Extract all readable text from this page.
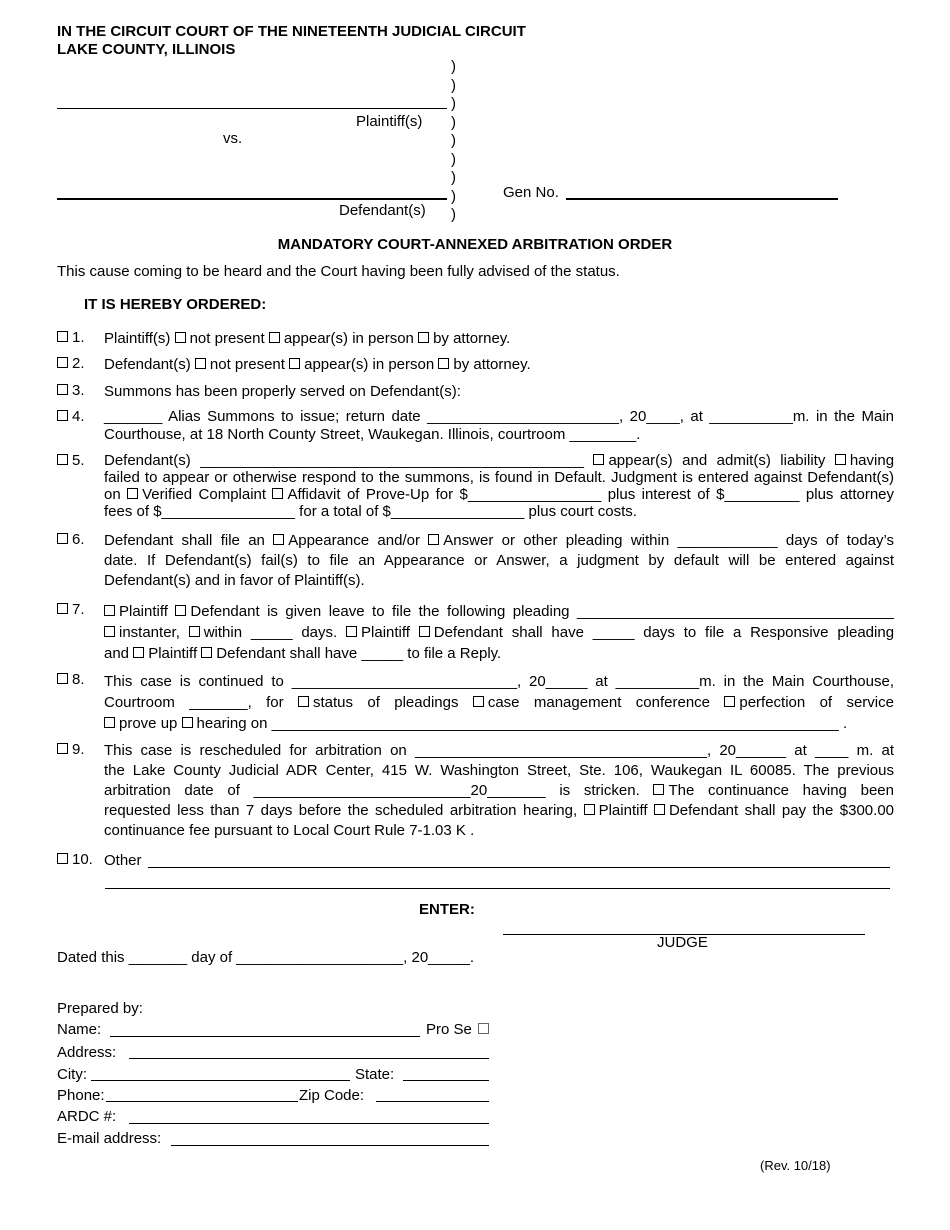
IN THE CIRCUIT COURT OF THE NINETEENTH JUDICIAL CIRCUIT
LAKE COUNTY, ILLINOIS
Plaintiff(s)
vs.
Defendant(s)
)
)
)
)
)
)
)
)
)
Gen No.
MANDATORY COURT-ANNEXED ARBITRATION ORDER
This cause coming to be heard and the Court having been fully advised of the status.
IT IS HEREBY ORDERED:
1. Plaintiff(s) not present appear(s) in person by attorney.
2. Defendant(s) not present appear(s) in person by attorney.
3. Summons has been properly served on Defendant(s):
4. _______ Alias Summons to issue; return date _______________________, 20____, at __________m. in the Main
Courthouse, at 18 North County Street, Waukegan. Illinois, courtroom ________.
5. Defendant(s) ______________________________________________ appear(s) and admit(s) liability having
failed to appear or otherwise respond to the summons, is found in Default. Judgment is entered against Defendant(s)
on Verified Complaint Affidavit of Prove-Up for $________________ plus interest of $_________ plus attorney
fees of $________________ for a total of $________________ plus court costs.
6. Defendant shall file an Appearance and/or Answer or other pleading within ____________ days of today’s
date. If Defendant(s) fail(s) to file an Appearance or Answer, a judgment by default will be entered against
Defendant(s) and in favor of Plaintiff(s).
7.	Plaintiff Defendant is given leave to file the following pleading ______________________________________
instanter, within _____ days. Plaintiff Defendant shall have _____ days to file a Responsive pleading
and Plaintiff Defendant shall have _____ to file a Reply.
8. This case is continued to ___________________________, 20_____ at __________m. in the Main Courthouse,
Courtroom _______, for status of pleadings case management conference perfection of service
prove up hearing on ____________________________________________________________________ .
9. This case is rescheduled for arbitration on ___________________________________, 20______ at ____ m. at
the Lake County Judicial ADR Center, 415 W. Washington Street, Ste. 106, Waukegan IL 60085. The previous
arbitration date of __________________________20_______ is stricken. The continuance having been
requested less than 7 days before the scheduled arbitration hearing, Plaintiff Defendant shall pay the $300.00
continuance fee pursuant to Local Court Rule 7-1.03 K .
10. Other
ENTER:
JUDGE
Dated this _______ day of ____________________, 20_____.
Prepared by:
Name:	Pro Se
Address:
City:	State:
Phone:	Zip Code:
ARDC #:
E-mail address:
(Rev. 10/18)
